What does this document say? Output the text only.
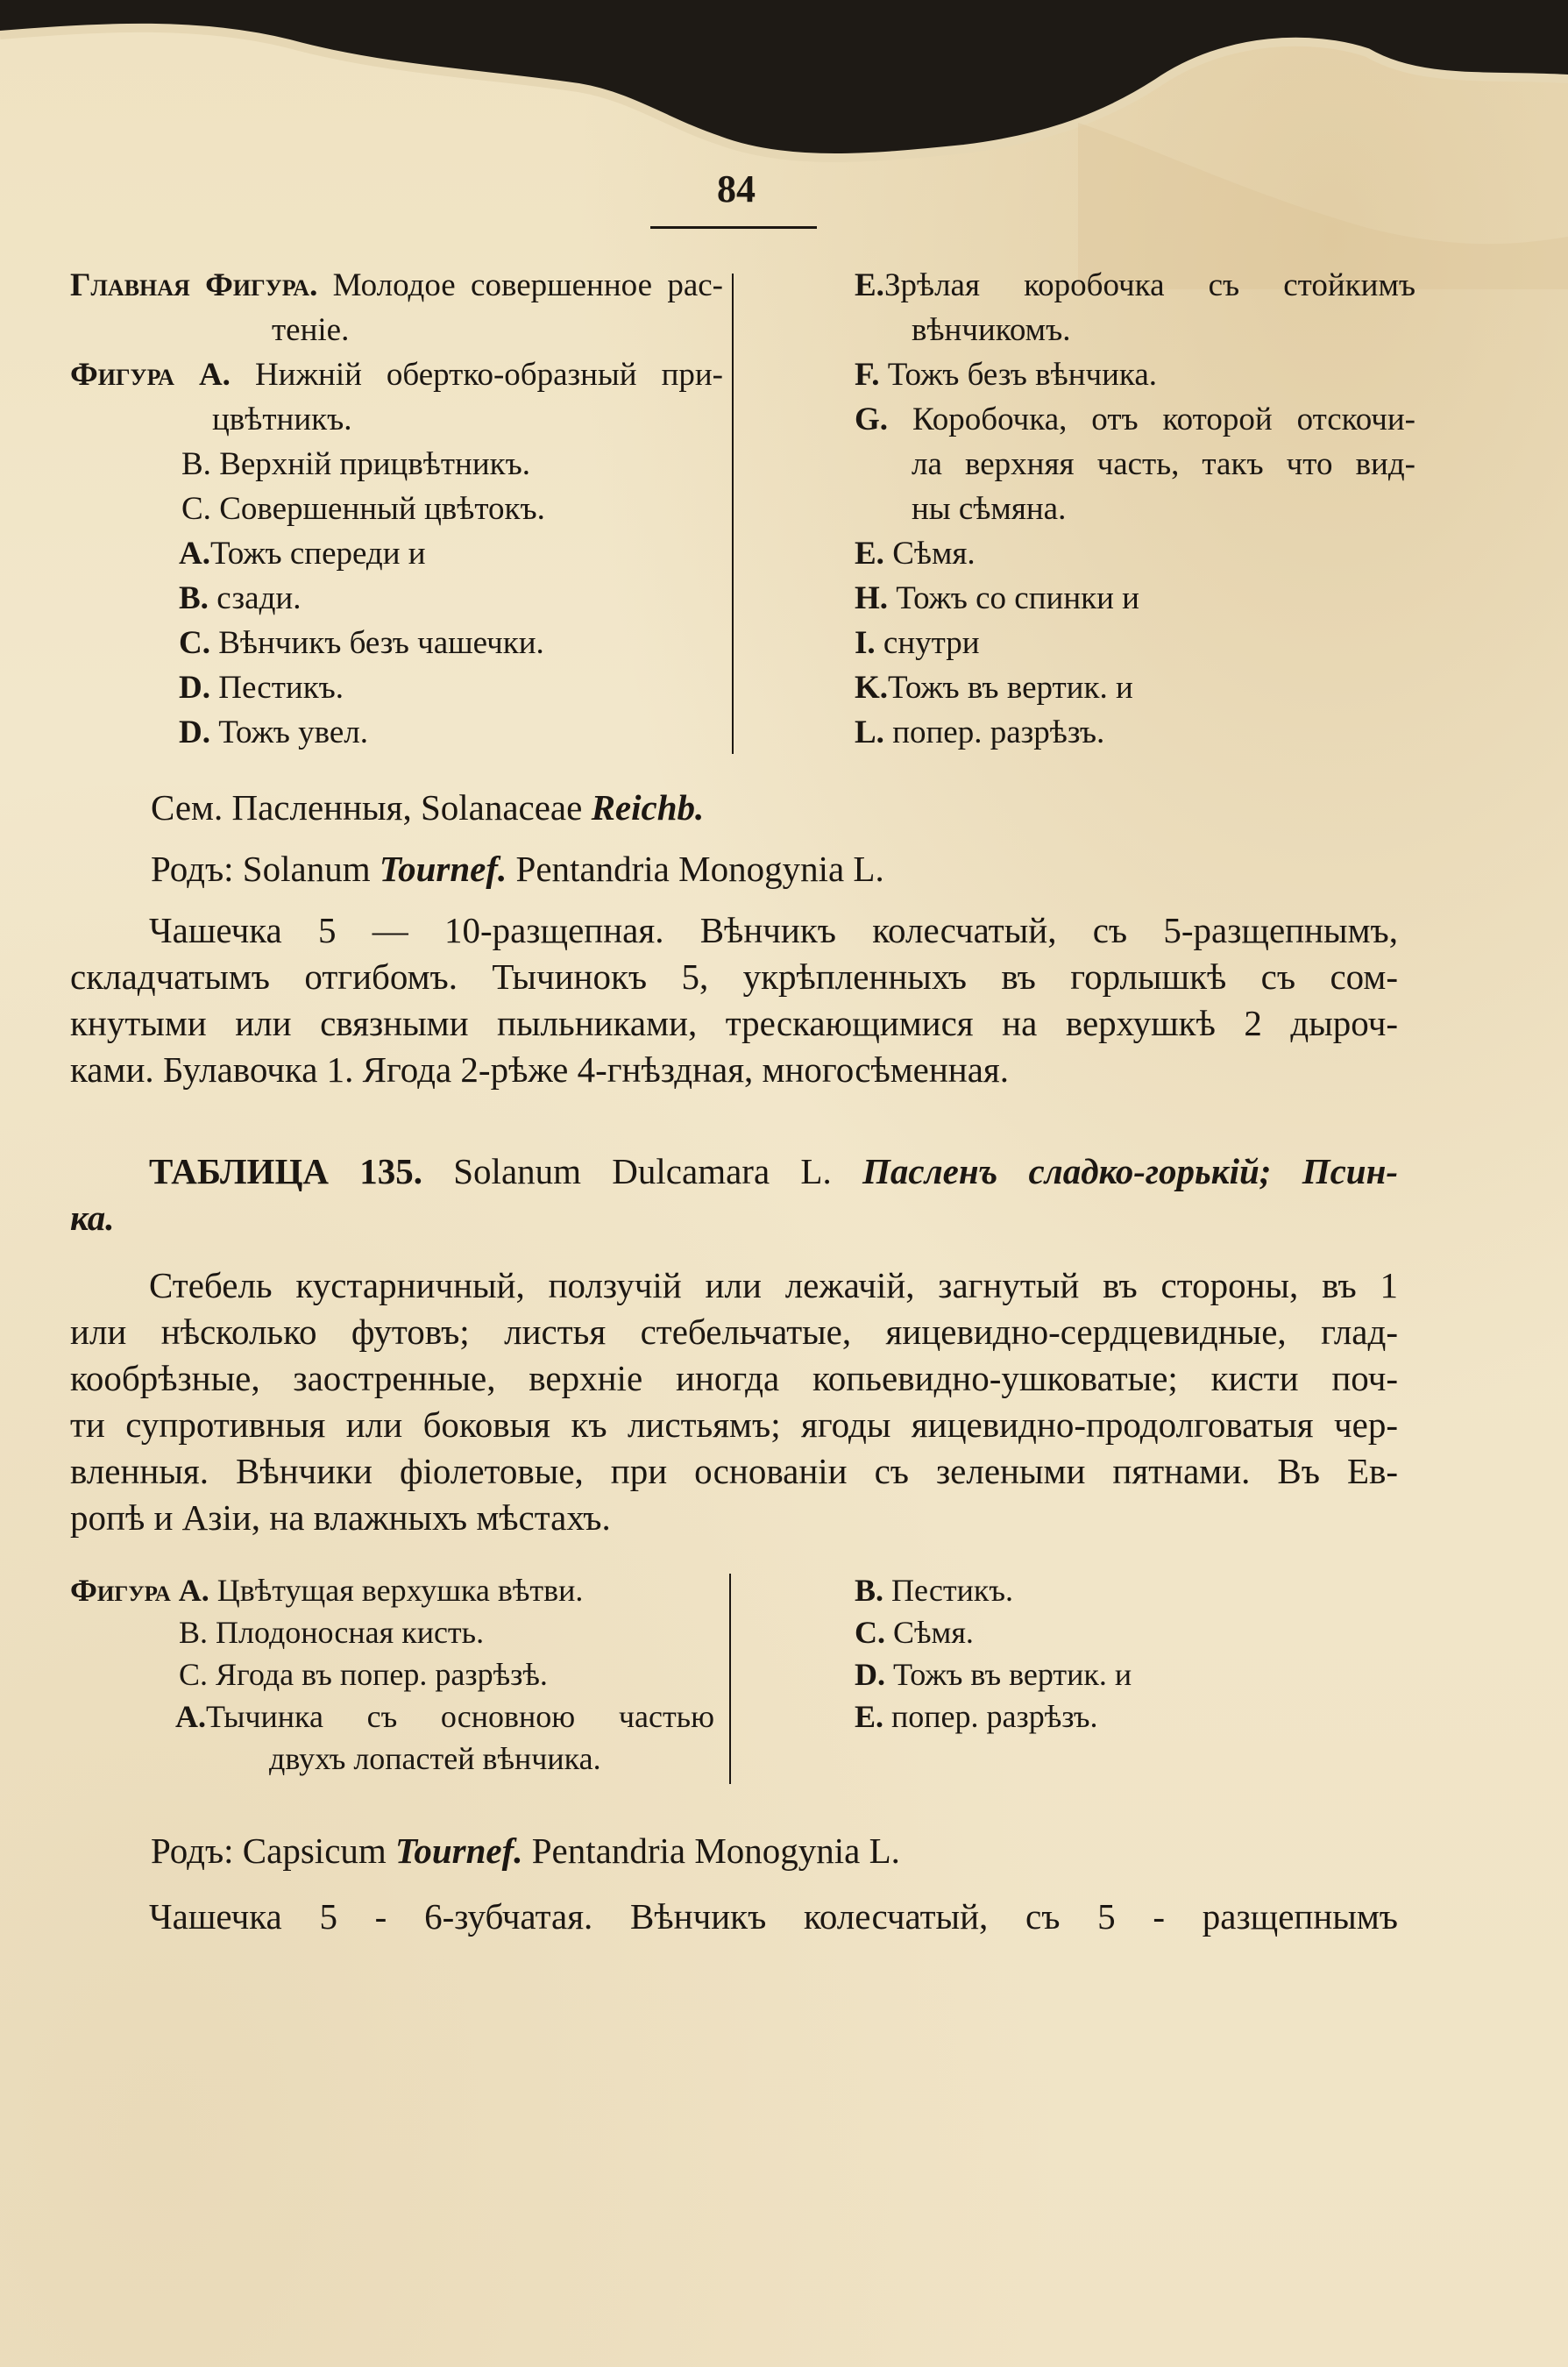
84
Главная Фигура. Молодое совершенное рас-
теніе.
Фигура А. Нижній обертко-образный при-
цвѣтникъ.
B. Верхній прицвѣтникъ.
C. Совершенный цвѣтокъ.
A.Тожъ спереди и
B. сзади.
C. Вѣнчикъ безъ чашечки.
D. Пестикъ.
D. Тожъ увел.
E.Зрѣлая коробочка съ стойкимъ
вѣнчикомъ.
F. Тожъ безъ вѣнчика.
G. Коробочка, отъ которой отскочи-
ла верхняя часть, такъ что вид-
ны сѣмяна.
E. Сѣмя.
H. Тожъ со спинки и
I. снутри
K.Тожъ въ вертик. и
L. попер. разрѣзъ.
Сем. Пасленныя, Solanaceae Reichb.
Родъ: Solanum Tournef. Pentandria Monogynia L.
Чашечка 5 — 10-разщепная. Вѣнчикъ колесчатый, съ 5-разщепнымъ,
складчатымъ отгибомъ. Тычинокъ 5, укрѣпленныхъ въ горлышкѣ съ сом-
кнутыми или связными пыльниками, трескающимися на верхушкѣ 2 дыроч-
ками. Булавочка 1. Ягода 2-рѣже 4-гнѣздная, многосѣменная.
ТАБЛИЦА 135. Solanum Dulcamara L. Пасленъ сладко-горькій; Псин-
ка.
Стебель кустарничный, ползучій или лежачій, загнутый въ стороны, въ 1
или нѣсколько футовъ; листья стебельчатые, яицевидно-сердцевидные, глад-
кообрѣзные, заостренные, верхніе иногда копьевидно-ушковатые; кисти поч-
ти супротивныя или боковыя къ листьямъ; ягоды яицевидно-продолговатыя чер-
вленныя. Вѣнчики фіолетовые, при основаніи съ зелеными пятнами. Въ Ев-
ропѣ и Азіи, на влажныхъ мѣстахъ.
Фигура А. Цвѣтущая верхушка вѣтви.
B. Плодоносная кисть.
C. Ягода въ попер. разрѣзѣ.
A.Тычинка съ основною частью
двухъ лопастей вѣнчика.
B. Пестикъ.
C. Сѣмя.
D. Тожъ въ вертик. и
E. попер. разрѣзъ.
Родъ: Capsicum Tournef. Pentandria Monogynia L.
Чашечка 5 - 6-зубчатая. Вѣнчикъ колесчатый, съ 5 - разщепнымъ
